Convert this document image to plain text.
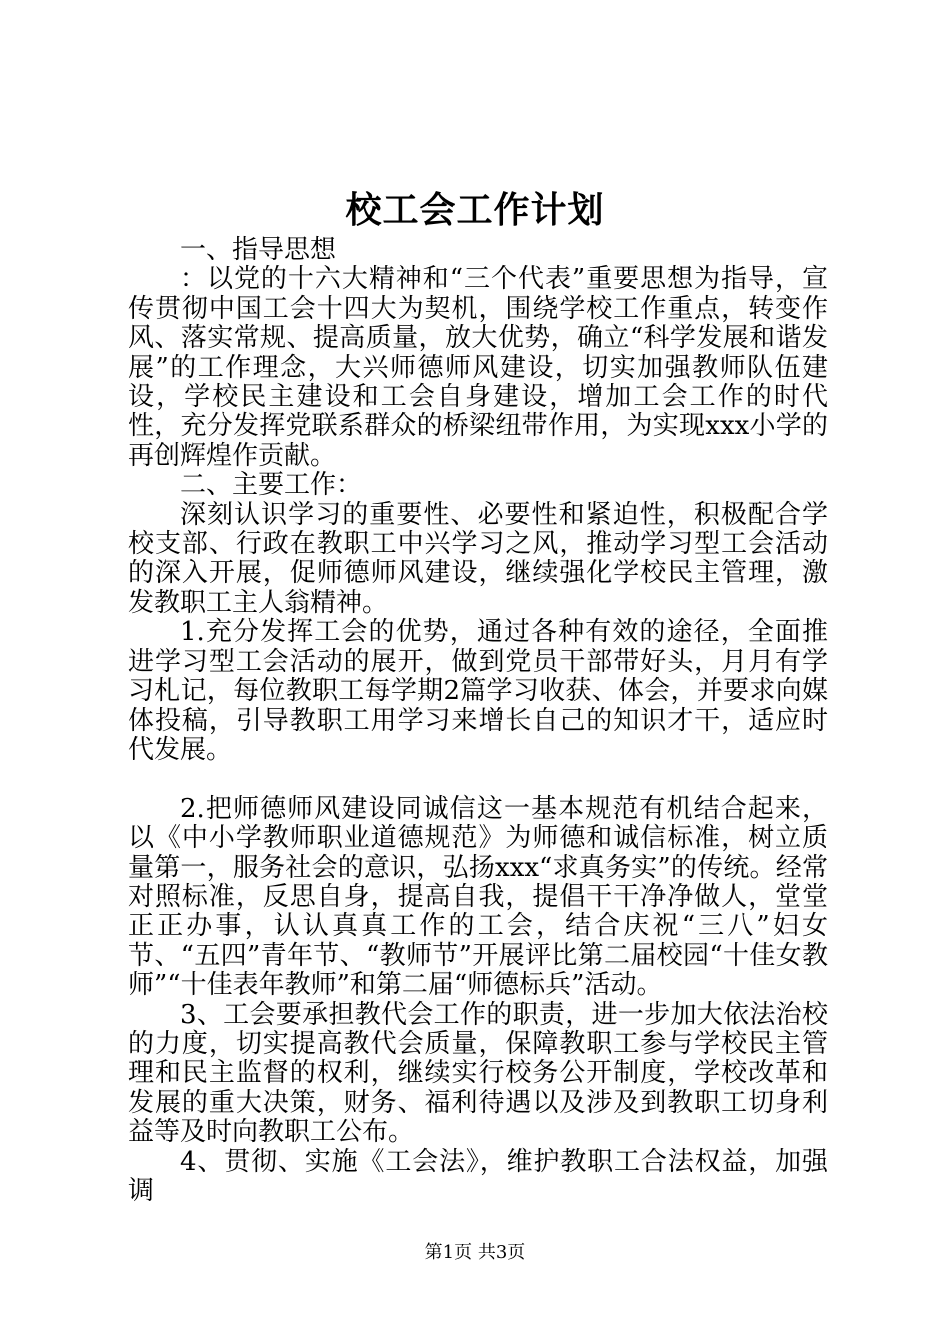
校工会工作计划

一、指导思想

：以党的十六大精神和“三个代表”重要思想为指导，宣传贯彻中国工会十四大为契机，围绕学校工作重点，转变作风、落实常规、提高质量，放大优势，确立“科学发展和谐发展”的工作理念，大兴师德师风建设，切实加强教师队伍建设，学校民主建设和工会自身建设，增加工会工作的时代性，充分发挥党联系群众的桥梁纽带作用，为实现xxx小学的再创辉煌作贡献。

二、主要工作：

深刻认识学习的重要性、必要性和紧迫性，积极配合学校支部、行政在教职工中兴学习之风，推动学习型工会活动的深入开展，促师德师风建设，继续强化学校民主管理，激发教职工主人翁精神。

1.充分发挥工会的优势，通过各种有效的途径，全面推进学习型工会活动的展开，做到党员干部带好头，月月有学习札记，每位教职工每学期2篇学习收获、体会，并要求向媒体投稿，引导教职工用学习来增长自己的知识才干，适应时代发展。

2.把师德师风建设同诚信这一基本规范有机结合起来，以《中小学教师职业道德规范》为师德和诚信标准，树立质量第一，服务社会的意识，弘扬xxx“求真务实”的传统。经常对照标准，反思自身，提高自我，提倡干干净净做人，堂堂正正办事，认认真真工作的工会，结合庆祝“三八”妇女节、“五四”青年节、“教师节”开展评比第二届校园“十佳女教师”“十佳表年教师”和第二届“师德标兵”活动。

3、工会要承担教代会工作的职责，进一步加大依法治校的力度，切实提高教代会质量，保障教职工参与学校民主管理和民主监督的权利，继续实行校务公开制度，学校改革和发展的重大决策，财务、福利待遇以及涉及到教职工切身利益等及时向教职工公布。

4、贯彻、实施《工会法》，维护教职工合法权益，加强调

第1页 共3页
